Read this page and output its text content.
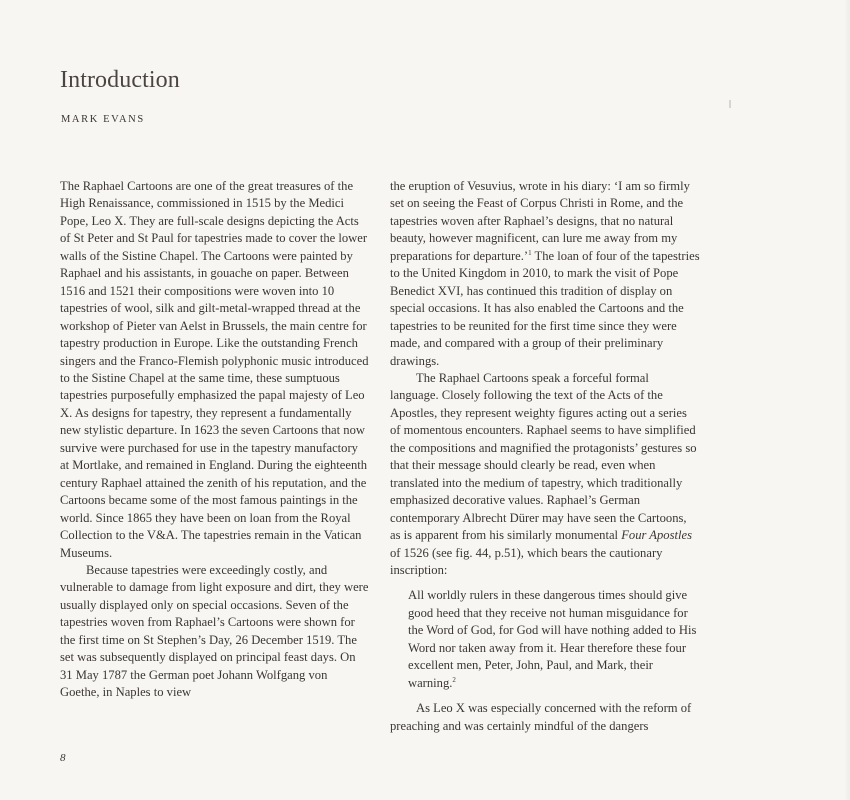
Introduction
MARK EVANS

The Raphael Cartoons are one of the great treasures of the High Renaissance, commissioned in 1515 by the Medici Pope, Leo X. They are full-scale designs depicting the Acts of St Peter and St Paul for tapestries made to cover the lower walls of the Sistine Chapel. The Cartoons were painted by Raphael and his assistants, in gouache on paper. Between 1516 and 1521 their compositions were woven into 10 tapestries of wool, silk and gilt-metal-wrapped thread at the workshop of Pieter van Aelst in Brussels, the main centre for tapestry production in Europe. Like the outstanding French singers and the Franco-Flemish polyphonic music introduced to the Sistine Chapel at the same time, these sumptuous tapestries purposefully emphasized the papal majesty of Leo X. As designs for tapestry, they represent a fundamentally new stylistic departure. In 1623 the seven Cartoons that now survive were purchased for use in the tapestry manufactory at Mortlake, and remained in England. During the eighteenth century Raphael attained the zenith of his reputation, and the Cartoons became some of the most famous paintings in the world. Since 1865 they have been on loan from the Royal Collection to the V&A. The tapestries remain in the Vatican Museums.

Because tapestries were exceedingly costly, and vulnerable to damage from light exposure and dirt, they were usually displayed only on special occasions. Seven of the tapestries woven from Raphael’s Cartoons were shown for the first time on St Stephen’s Day, 26 December 1519. The set was subsequently displayed on principal feast days. On 31 May 1787 the German poet Johann Wolfgang von Goethe, in Naples to view

the eruption of Vesuvius, wrote in his diary: ‘I am so firmly set on seeing the Feast of Corpus Christi in Rome, and the tapestries woven after Raphael’s designs, that no natural beauty, however magnificent, can lure me away from my preparations for departure.’$^1$ The loan of four of the tapestries to the United Kingdom in 2010, to mark the visit of Pope Benedict XVI, has continued this tradition of display on special occasions. It has also enabled the Cartoons and the tapestries to be reunited for the first time since they were made, and compared with a group of their preliminary drawings.

The Raphael Cartoons speak a forceful formal language. Closely following the text of the Acts of the Apostles, they represent weighty figures acting out a series of momentous encounters. Raphael seems to have simplified the compositions and magnified the protagonists’ gestures so that their message should clearly be read, even when translated into the medium of tapestry, which traditionally emphasized decorative values. Raphael’s German contemporary Albrecht Dürer may have seen the Cartoons, as is apparent from his similarly monumental Four Apostles of 1526 (see fig. 44, p.51), which bears the cautionary inscription:

All worldly rulers in these dangerous times should give good heed that they receive not human misguidance for the Word of God, for God will have nothing added to His Word nor taken away from it. Hear therefore these four excellent men, Peter, John, Paul, and Mark, their warning.$^2$

As Leo X was especially concerned with the reform of preaching and was certainly mindful of the dangers

8
